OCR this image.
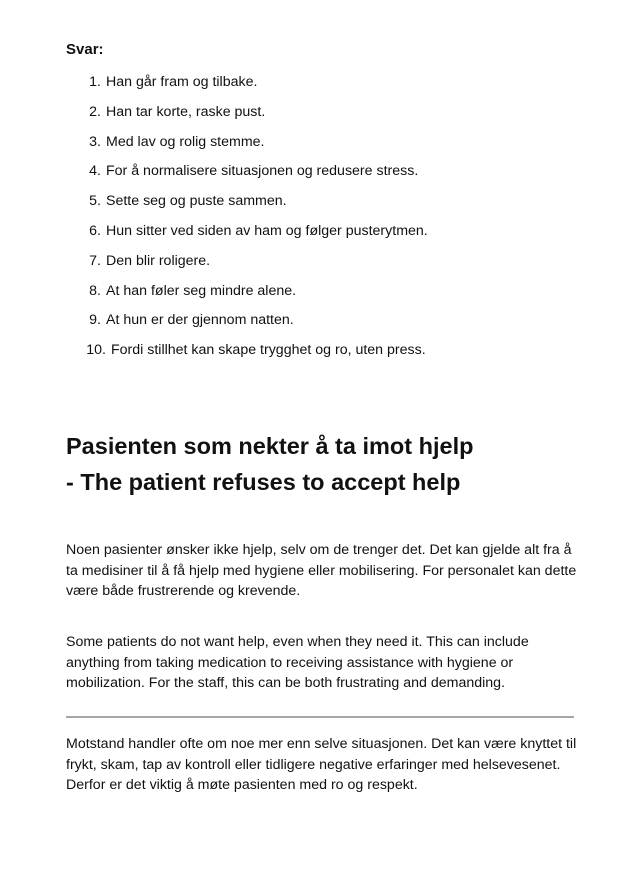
Svar:

1. Han går fram og tilbake.
2. Han tar korte, raske pust.
3. Med lav og rolig stemme.
4. For å normalisere situasjonen og redusere stress.
5. Sette seg og puste sammen.
6. Hun sitter ved siden av ham og følger pusterytmen.
7. Den blir roligere.
8. At han føler seg mindre alene.
9. At hun er der gjennom natten.
10. Fordi stillhet kan skape trygghet og ro, uten press.
Pasienten som nekter å ta imot hjelp
- The patient refuses to accept help

Noen pasienter ønsker ikke hjelp, selv om de trenger det. Det kan gjelde alt fra å ta medisiner til å få hjelp med hygiene eller mobilisering. For personalet kan dette være både frustrerende og krevende.

Some patients do not want help, even when they need it. This can include anything from taking medication to receiving assistance with hygiene or mobilization. For the staff, this can be both frustrating and demanding.

Motstand handler ofte om noe mer enn selve situasjonen. Det kan være knyttet til frykt, skam, tap av kontroll eller tidligere negative erfaringer med helsevesenet. Derfor er det viktig å møte pasienten med ro og respekt.
